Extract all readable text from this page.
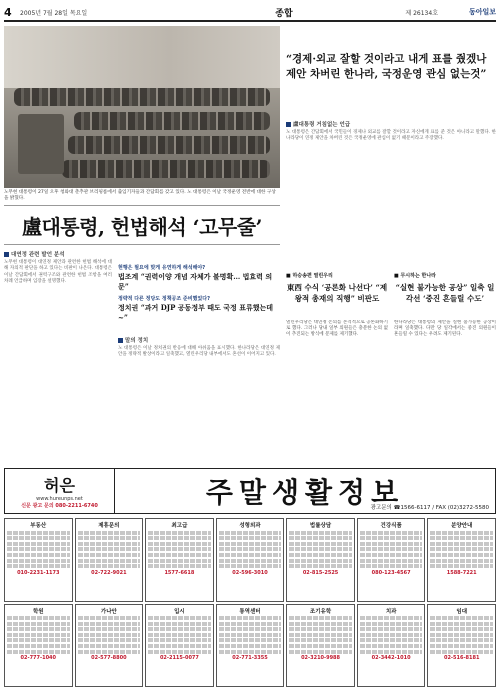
4	2005년 7월 28일 목요일	종합	제 26134호	동아일보
노무현 대통령이 27일 오후 청와대 춘추관 브리핑룸에서 출입기자들과 간담회를 갖고 있다. 노 대통령은 이날 국정운영 전반에 대한 구상을 밝혔다.
盧대통령, 헌법해석 ‘고무줄’
“경제·외교 잘할 것이라고 내게 표를 줬겠나 제안 차버린 한나라, 국정운영 관심 없는것”
대연정 관련 발언 분석
노무현 대통령이 대연정 제안과 관련한 헌법 해석에 대해 자의적 판단을 하고 있다는 비판이 나온다. 대통령은 이날 간담회에서 권력구조와 관련한 헌법 조항을 여러 차례 언급하며 입장을 설명했다.
현행은 필요에 맞게 유연하게 해석해야?
법조계 “권력이양 개념 자체가 불명확… 법효력 의문”
정략적 다른 정당도 정책공조 준비했었다?
정치권 “과거 DJP 공동정부 때도 국정 표류했는데~”
말의 정치
노 대통령은 이날 정치권의 반응에 대해 아쉬움을 표시했다. 한나라당은 대연정 제안을 정략적 발상이라고 일축했고, 열린우리당 내부에서도 혼선이 이어지고 있다.
盧대통령 거침없는 언급
노 대통령은 간담회에서 국민들이 경제나 외교를 잘할 것이라고 자신에게 표를 준 것은 아니라고 말했다. 한나라당이 연정 제안을 차버린 것은 국정운영에 관심이 없기 때문이라고 주장했다.
■ 하승송편 열린우리
東西 수식 ‘공론화 나선다’ “제왕적 총재의 직행” 비판도
열린우리당은 대연정 논의를 본격적으로 공론화하기로 했다. 그러나 당내 일부 의원들은 충분한 논의 없이 추진되는 방식에 문제를 제기했다.
■ 무시하는 한나라
“실현 불가능한 공상” 일축 일각선 ‘중진 흔들릴 수도’
한나라당은 대통령의 제안을 실현 불가능한 공상이라며 일축했다. 다만 당 일각에서는 중진 의원들이 흔들릴 수 있다는 우려도 제기된다.
허은
www.hureunps.net
신문 광고 문의 080-2211-6740	주말생활정보
광고문의 ☎1566-6117 / FAX (02)3272-5580
부동산
010-2231-1173
제휴문의
02-722-9021
최고급
1577-6618
성형외과
02-596-3010
법률상담
02-815-2525
건강식품
080-123-4567
분양안내
1588-7221
학원
02-777-1040
가나안
02-577-8800
입시
02-2115-0077
통역센터
02-771-3355
조기유학
02-3210-9988
치과
02-3442-1010
임대
02-516-8181
